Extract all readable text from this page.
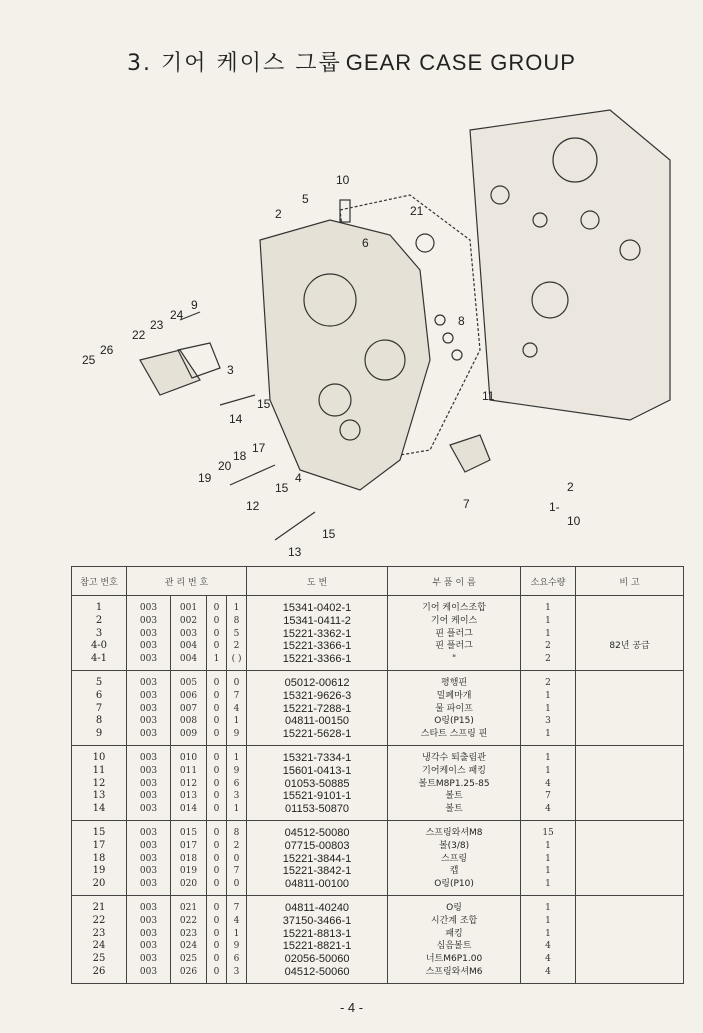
3. 기어 케이스 그룹 GEAR CASE GROUP
10
5
2	21
6
9
24
23
22
26
25
8
3
11
14
15
17
18
20
19
12
15
4
7
15
13
2
1-
10
참고 번호	관 리 번 호				도 번	부 품 이 름	소요수량	비 고
1	003	001	0	1	15341-0402-1	기어 케이스조합	1	
2	003	002	0	8	15341-0411-2	기어 케이스	1	
3	003	003	0	5	15221-3362-1	핀 플러그	1	
4-0	003	004	0	2	15221-3366-1	핀 플러그	2	82년 공급
4-1	003	004	1	( )	15221-3366-1	"	2	
5	003	005	0	0	05012-00612	평행핀	2	
6	003	006	0	7	15321-9626-3	밀폐마개	1	
7	003	007	0	4	15221-7288-1	물 파이프	1	
8	003	008	0	1	04811-00150	O링(P15)	3	
9	003	009	0	9	15221-5628-1	스타트 스프링 핀	1	
10	003	010	0	1	15321-7334-1	냉각수 퇴출림관	1	
11	003	011	0	9	15601-0413-1	기어케이스 패킹	1	
12	003	012	0	6	01053-50885	볼트M8P1.25-85	4	
13	003	013	0	3	15521-9101-1	볼트	7	
14	003	014	0	1	01153-50870	볼트	4	
15	003	015	0	8	04512-50080	스프링와셔M8	15	
17	003	017	0	2	07715-00803	볼(3/8)	1	
18	003	018	0	0	15221-3844-1	스프링	1	
19	003	019	0	7	15221-3842-1	캡	1	
20	003	020	0	0	04811-00100	O링(P10)	1	
21	003	021	0	7	04811-40240	O링	1	
22	003	022	0	4	37150-3466-1	시간계 조합	1	
23	003	023	0	1	15221-8813-1	패킹	1	
24	003	024	0	9	15221-8821-1	심음볼트	4	
25	003	025	0	6	02056-50060	너트M6P1.00	4	
26	003	026	0	3	04512-50060	스프링와셔M6	4	
- 4 -
